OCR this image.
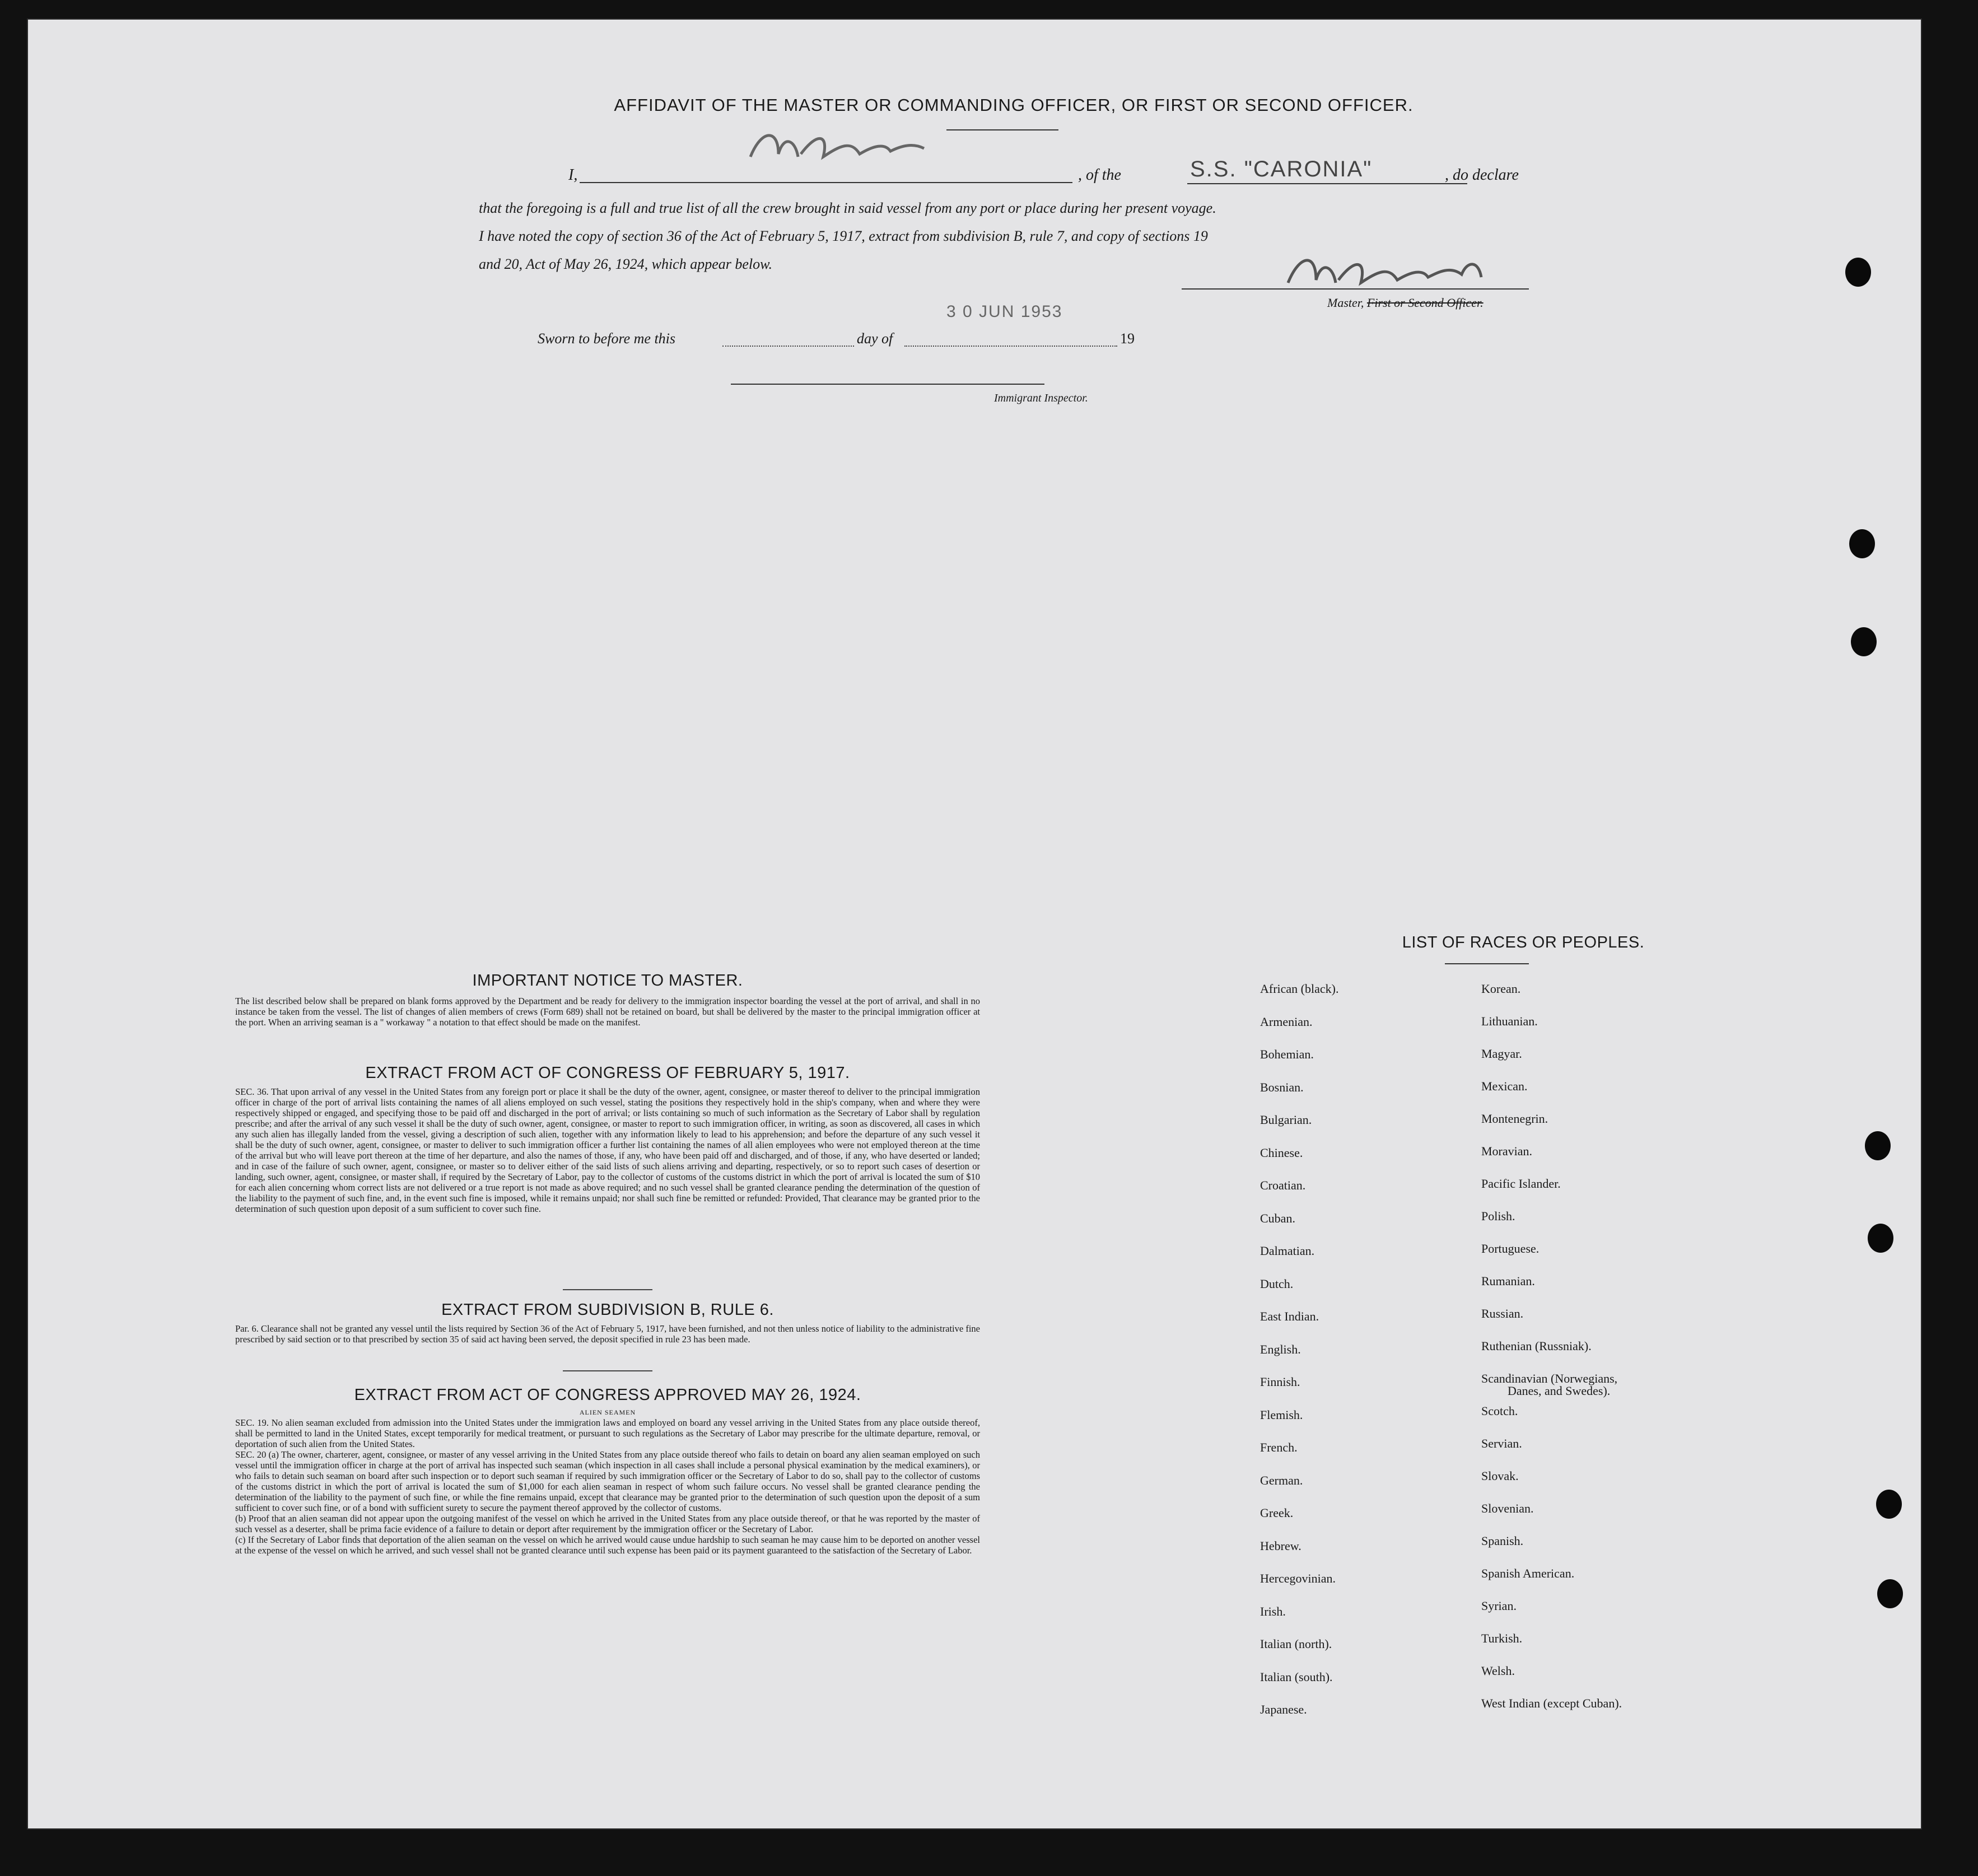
AFFIDAVIT OF THE MASTER OR COMMANDING OFFICER, OR FIRST OR SECOND OFFICER.
I,	, of the	S.S. "CARONIA"	, do declare
that the foregoing is a full and true list of all the crew brought in said vessel from any port or place during her present voyage.
I have noted the copy of section 36 of the Act of February 5, 1917, extract from subdivision B, rule 7, and copy of sections 19
and 20, Act of May 26, 1924, which appear below.
Master, First or Second Officer.
3 0 JUN 1953
Sworn to before me this	day of	19
Immigrant Inspector.
IMPORTANT NOTICE TO MASTER.
The list described below shall be prepared on blank forms approved by the Department and be ready for delivery to the immigration inspector boarding the vessel at the port of arrival, and shall in no instance be taken from the vessel. The list of changes of alien members of crews (Form 689) shall not be retained on board, but shall be delivered by the master to the principal immigration officer at the port. When an arriving seaman is a " workaway " a notation to that effect should be made on the manifest.
EXTRACT FROM ACT OF CONGRESS OF FEBRUARY 5, 1917.
SEC. 36. That upon arrival of any vessel in the United States from any foreign port or place it shall be the duty of the owner, agent, consignee, or master thereof to deliver to the principal immigration officer in charge of the port of arrival lists containing the names of all aliens employed on such vessel, stating the positions they respectively hold in the ship's company, when and where they were respectively shipped or engaged, and specifying those to be paid off and discharged in the port of arrival; or lists containing so much of such information as the Secretary of Labor shall by regulation prescribe; and after the arrival of any such vessel it shall be the duty of such owner, agent, consignee, or master to report to such immigration officer, in writing, as soon as discovered, all cases in which any such alien has illegally landed from the vessel, giving a description of such alien, together with any information likely to lead to his apprehension; and before the departure of any such vessel it shall be the duty of such owner, agent, consignee, or master to deliver to such immigration officer a further list containing the names of all alien employees who were not employed thereon at the time of the arrival but who will leave port thereon at the time of her departure, and also the names of those, if any, who have been paid off and discharged, and of those, if any, who have deserted or landed; and in case of the failure of such owner, agent, consignee, or master so to deliver either of the said lists of such aliens arriving and departing, respectively, or so to report such cases of desertion or landing, such owner, agent, consignee, or master shall, if required by the Secretary of Labor, pay to the collector of customs of the customs district in which the port of arrival is located the sum of $10 for each alien concerning whom correct lists are not delivered or a true report is not made as above required; and no such vessel shall be granted clearance pending the determination of the question of the liability to the payment of such fine, and, in the event such fine is imposed, while it remains unpaid; nor shall such fine be remitted or refunded: Provided, That clearance may be granted prior to the determination of such question upon deposit of a sum sufficient to cover such fine.
EXTRACT FROM SUBDIVISION B, RULE 6.
Par. 6. Clearance shall not be granted any vessel until the lists required by Section 36 of the Act of February 5, 1917, have been furnished, and not then unless notice of liability to the administrative fine prescribed by said section or to that prescribed by section 35 of said act having been served, the deposit specified in rule 23 has been made.
EXTRACT FROM ACT OF CONGRESS APPROVED MAY 26, 1924.
ALIEN SEAMEN
SEC. 19. No alien seaman excluded from admission into the United States under the immigration laws and employed on board any vessel arriving in the United States from any place outside thereof, shall be permitted to land in the United States, except temporarily for medical treatment, or pursuant to such regulations as the Secretary of Labor may prescribe for the ultimate departure, removal, or deportation of such alien from the United States.
SEC. 20 (a) The owner, charterer, agent, consignee, or master of any vessel arriving in the United States from any place outside thereof who fails to detain on board any alien seaman employed on such vessel until the immigration officer in charge at the port of arrival has inspected such seaman (which inspection in all cases shall include a personal physical examination by the medical examiners), or who fails to detain such seaman on board after such inspection or to deport such seaman if required by such immigration officer or the Secretary of Labor to do so, shall pay to the collector of customs of the customs district in which the port of arrival is located the sum of $1,000 for each alien seaman in respect of whom such failure occurs. No vessel shall be granted clearance pending the determination of the liability to the payment of such fine, or while the fine remains unpaid, except that clearance may be granted prior to the determination of such question upon the deposit of a sum sufficient to cover such fine, or of a bond with sufficient surety to secure the payment thereof approved by the collector of customs.
(b) Proof that an alien seaman did not appear upon the outgoing manifest of the vessel on which he arrived in the United States from any place outside thereof, or that he was reported by the master of such vessel as a deserter, shall be prima facie evidence of a failure to detain or deport after requirement by the immigration officer or the Secretary of Labor.
(c) If the Secretary of Labor finds that deportation of the alien seaman on the vessel on which he arrived would cause undue hardship to such seaman he may cause him to be deported on another vessel at the expense of the vessel on which he arrived, and such vessel shall not be granted clearance until such expense has been paid or its payment guaranteed to the satisfaction of the Secretary of Labor.
LIST OF RACES OR PEOPLES.
African (black).
Armenian.
Bohemian.
Bosnian.
Bulgarian.
Chinese.
Croatian.
Cuban.
Dalmatian.
Dutch.
East Indian.
English.
Finnish.
Flemish.
French.
German.
Greek.
Hebrew.
Hercegovinian.
Irish.
Italian (north).
Italian (south).
Japanese.
Korean.
Lithuanian.
Magyar.
Mexican.
Montenegrin.
Moravian.
Pacific Islander.
Polish.
Portuguese.
Rumanian.
Russian.
Ruthenian (Russniak).
Scandinavian (Norwegians,
Danes, and Swedes).
Scotch.
Servian.
Slovak.
Slovenian.
Spanish.
Spanish American.
Syrian.
Turkish.
Welsh.
West Indian (except Cuban).
